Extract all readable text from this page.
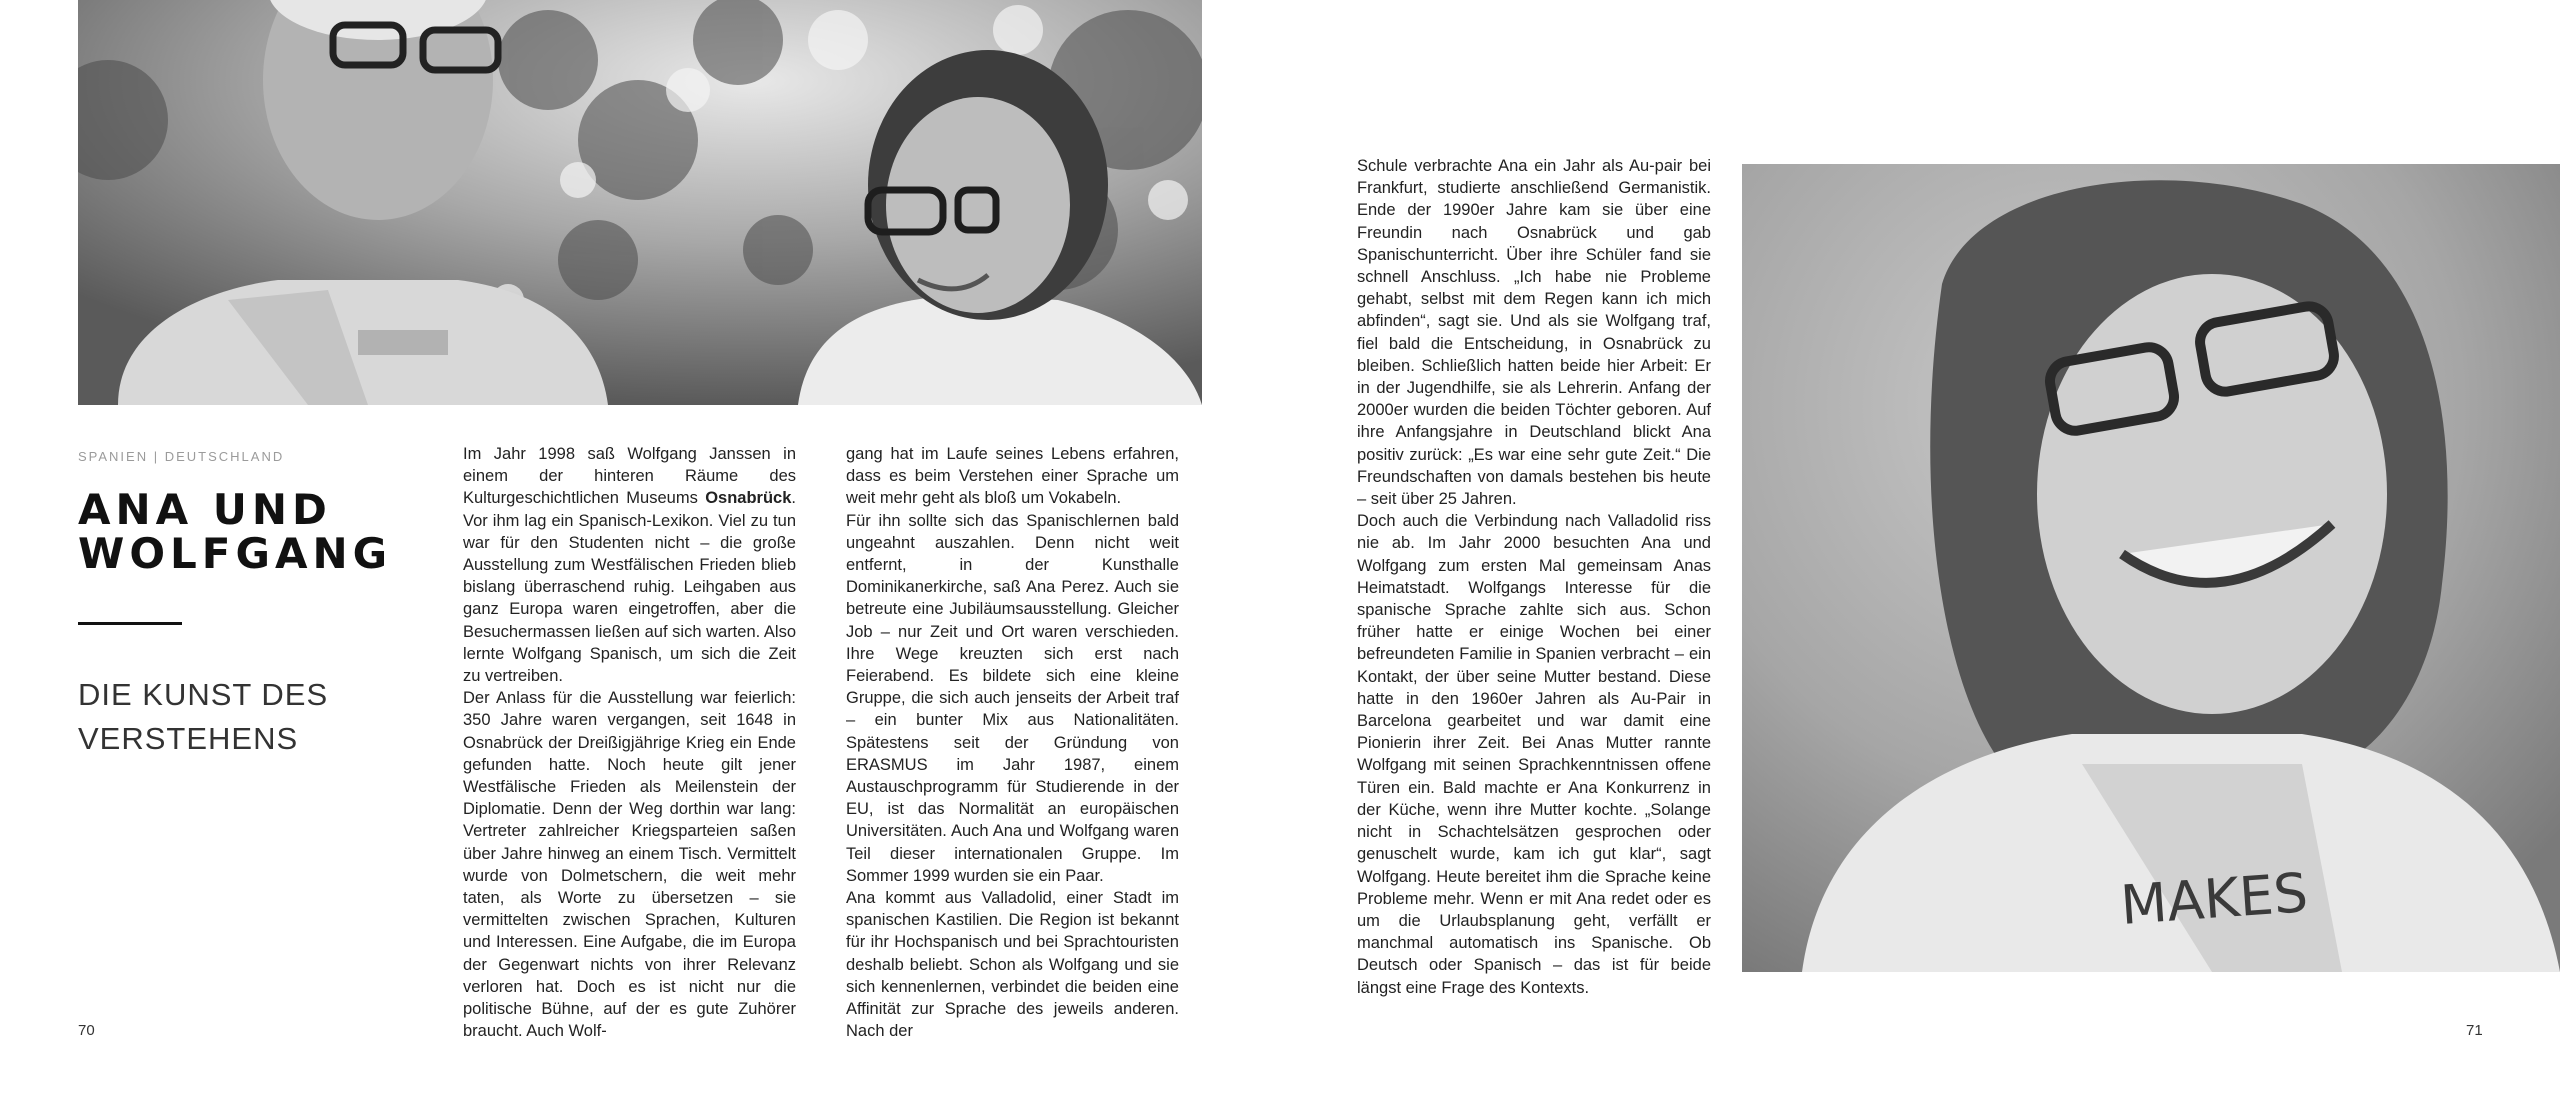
SPANIEN | DEUTSCHLAND
ANA UND
WOLFGANG
DIE KUNST DES
VERSTEHENS

Im Jahr 1998 saß Wolfgang Janssen in einem der hinteren Räume des Kulturgeschichtlichen Museums Osnabrück. Vor ihm lag ein Spanisch-Lexikon. Viel zu tun war für den Studenten nicht – die große Ausstellung zum Westfälischen Frieden blieb bislang überraschend ruhig. Leihgaben aus ganz Europa waren eingetroffen, aber die Besuchermassen ließen auf sich warten. Also lernte Wolfgang Spanisch, um sich die Zeit zu vertreiben.

Der Anlass für die Ausstellung war feierlich: 350 Jahre waren vergangen, seit 1648 in Osnabrück der Dreißigjährige Krieg ein Ende gefunden hatte. Noch heute gilt jener Westfälische Frieden als Meilenstein der Diplomatie. Denn der Weg dorthin war lang: Vertreter zahlreicher Kriegsparteien saßen über Jahre hinweg an einem Tisch. Vermittelt wurde von Dolmetschern, die weit mehr taten, als Worte zu übersetzen – sie vermittelten zwischen Sprachen, Kulturen und Interessen. Eine Aufgabe, die im Europa der Gegenwart nichts von ihrer Relevanz verloren hat. Doch es ist nicht nur die politische Bühne, auf der es gute Zuhörer braucht. Auch Wolf-

gang hat im Laufe seines Lebens erfahren, dass es beim Verstehen einer Sprache um weit mehr geht als bloß um Vokabeln.

Für ihn sollte sich das Spanischlernen bald ungeahnt auszahlen. Denn nicht weit entfernt, in der Kunsthalle Dominikanerkirche, saß Ana Perez. Auch sie betreute eine Jubiläumsausstellung. Gleicher Job – nur Zeit und Ort waren verschieden. Ihre Wege kreuzten sich erst nach Feierabend. Es bildete sich eine kleine Gruppe, die sich auch jenseits der Arbeit traf – ein bunter Mix aus Nationalitäten. Spätestens seit der Gründung von ERASMUS im Jahr 1987, einem Austauschprogramm für Studierende in der EU, ist das Normalität an europäischen Universitäten. Auch Ana und Wolfgang waren Teil dieser internationalen Gruppe. Im Sommer 1999 wurden sie ein Paar.

Ana kommt aus Valladolid, einer Stadt im spanischen Kastilien. Die Region ist bekannt für ihr Hochspanisch und bei Sprachtouristen deshalb beliebt. Schon als Wolfgang und sie sich kennenlernen, verbindet die beiden eine Affinität zur Sprache des jeweils anderen. Nach der

Schule verbrachte Ana ein Jahr als Au-pair bei Frankfurt, studierte anschließend Germanistik. Ende der 1990er Jahre kam sie über eine Freundin nach Osnabrück und gab Spanischunterricht. Über ihre Schüler fand sie schnell Anschluss. „Ich habe nie Probleme gehabt, selbst mit dem Regen kann ich mich abfinden“, sagt sie. Und als sie Wolfgang traf, fiel bald die Entscheidung, in Osnabrück zu bleiben. Schließlich hatten beide hier Arbeit: Er in der Jugendhilfe, sie als Lehrerin. Anfang der 2000er wurden die beiden Töchter geboren. Auf ihre Anfangsjahre in Deutschland blickt Ana positiv zurück: „Es war eine sehr gute Zeit.“ Die Freundschaften von damals bestehen bis heute – seit über 25 Jahren.

Doch auch die Verbindung nach Valladolid riss nie ab. Im Jahr 2000 besuchten Ana und Wolfgang zum ersten Mal gemeinsam Anas Heimatstadt. Wolfgangs Interesse für die spanische Sprache zahlte sich aus. Schon früher hatte er einige Wochen bei einer befreundeten Familie in Spanien verbracht – ein Kontakt, der über seine Mutter bestand. Diese hatte in den 1960er Jahren als Au-Pair in Barcelona gearbeitet und war damit eine Pionierin ihrer Zeit. Bei Anas Mutter rannte Wolfgang mit seinen Sprachkenntnissen offene Türen ein. Bald machte er Ana Konkurrenz in der Küche, wenn ihre Mutter kochte. „Solange nicht in Schachtelsätzen gesprochen oder genuschelt wurde, kam ich gut klar“, sagt Wolfgang. Heute bereitet ihm die Sprache keine Probleme mehr. Wenn er mit Ana redet oder es um die Urlaubsplanung geht, verfällt er manchmal automatisch ins Spanische. Ob Deutsch oder Spanisch – das ist für beide längst eine Frage des Kontexts.

MAKES
70	71
